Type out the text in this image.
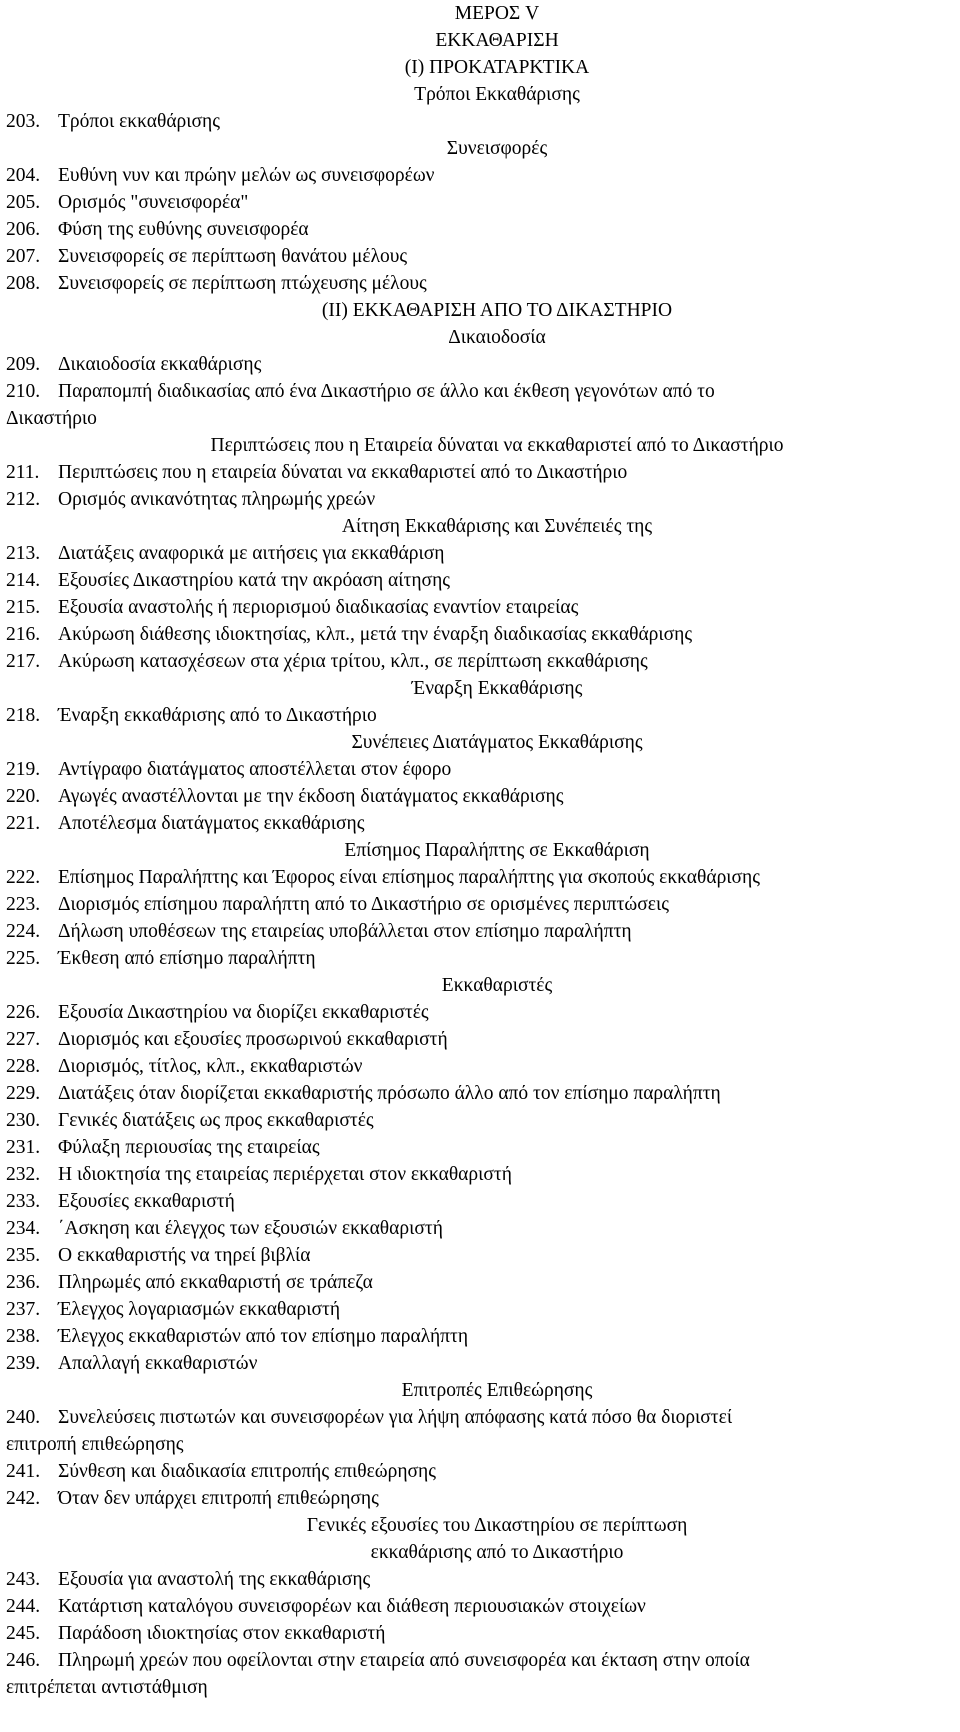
ΜΕΡΟΣ V
ΕΚΚΑΘΑΡΙΣΗ
(Ι) ΠΡΟΚΑΤΑΡΚΤΙΚΑ
Τρόποι Εκκαθάρισης
203. Τρόποι εκκαθάρισης
Συνεισφορές
204. Ευθύνη νυν και πρώην μελών ως συνεισφορέων
205. Ορισμός "συνεισφορέα"
206. Φύση της ευθύνης συνεισφορέα
207. Συνεισφορείς σε περίπτωση θανάτου μέλους
208. Συνεισφορείς σε περίπτωση πτώχευσης μέλους
(ΙΙ) ΕΚΚΑΘΑΡΙΣΗ ΑΠΟ ΤΟ ΔΙΚΑΣΤΗΡΙΟ
Δικαιοδοσία
209. Δικαιοδοσία εκκαθάρισης
210. Παραπομπή διαδικασίας από ένα Δικαστήριο σε άλλο και έκθεση γεγονότων από το
Δικαστήριο
Περιπτώσεις που η Εταιρεία δύναται να εκκαθαριστεί από το Δικαστήριο
211. Περιπτώσεις που η εταιρεία δύναται να εκκαθαριστεί από το Δικαστήριο
212. Ορισμός ανικανότητας πληρωμής χρεών
Αίτηση Εκκαθάρισης και Συνέπειές της
213. Διατάξεις αναφορικά με αιτήσεις για εκκαθάριση
214. Εξουσίες Δικαστηρίου κατά την ακρόαση αίτησης
215. Εξουσία αναστολής ή περιορισμού διαδικασίας εναντίον εταιρείας
216. Ακύρωση διάθεσης ιδιοκτησίας, κλπ., μετά την έναρξη διαδικασίας εκκαθάρισης
217. Ακύρωση κατασχέσεων στα χέρια τρίτου, κλπ., σε περίπτωση εκκαθάρισης
Έναρξη Εκκαθάρισης
218. Έναρξη εκκαθάρισης από το Δικαστήριο
Συνέπειες Διατάγματος Εκκαθάρισης
219. Αντίγραφο διατάγματος αποστέλλεται στον έφορο
220. Αγωγές αναστέλλονται με την έκδοση διατάγματος εκκαθάρισης
221. Αποτέλεσμα διατάγματος εκκαθάρισης
Επίσημος Παραλήπτης σε Εκκαθάριση
222. Επίσημος Παραλήπτης και Έφορος είναι επίσημος παραλήπτης για σκοπούς εκκαθάρισης
223. Διορισμός επίσημου παραλήπτη από το Δικαστήριο σε ορισμένες περιπτώσεις
224. Δήλωση υποθέσεων της εταιρείας υποβάλλεται στον επίσημο παραλήπτη
225. Έκθεση από επίσημο παραλήπτη
Εκκαθαριστές
226. Εξουσία Δικαστηρίου να διορίζει εκκαθαριστές
227. Διορισμός και εξουσίες προσωρινού εκκαθαριστή
228. Διορισμός, τίτλος, κλπ., εκκαθαριστών
229. Διατάξεις όταν διορίζεται εκκαθαριστής πρόσωπο άλλο από τον επίσημο παραλήπτη
230. Γενικές διατάξεις ως προς εκκαθαριστές
231. Φύλαξη περιουσίας της εταιρείας
232. Η ιδιοκτησία της εταιρείας περιέρχεται στον εκκαθαριστή
233. Εξουσίες εκκαθαριστή
234. ΄Ασκηση και έλεγχος των εξουσιών εκκαθαριστή
235. Ο εκκαθαριστής να τηρεί βιβλία
236. Πληρωμές από εκκαθαριστή σε τράπεζα
237. Έλεγχος λογαριασμών εκκαθαριστή
238. Έλεγχος εκκαθαριστών από τον επίσημο παραλήπτη
239. Απαλλαγή εκκαθαριστών
Επιτροπές Επιθεώρησης
240. Συνελεύσεις πιστωτών και συνεισφορέων για λήψη απόφασης κατά πόσο θα διοριστεί
επιτροπή επιθεώρησης
241. Σύνθεση και διαδικασία επιτροπής επιθεώρησης
242. Όταν δεν υπάρχει επιτροπή επιθεώρησης
Γενικές εξουσίες του Δικαστηρίου σε περίπτωση
εκκαθάρισης από το Δικαστήριο
243. Εξουσία για αναστολή της εκκαθάρισης
244. Κατάρτιση καταλόγου συνεισφορέων και διάθεση περιουσιακών στοιχείων
245. Παράδοση ιδιοκτησίας στον εκκαθαριστή
246. Πληρωμή χρεών που οφείλονται στην εταιρεία από συνεισφορέα και έκταση στην οποία
επιτρέπεται αντιστάθμιση
